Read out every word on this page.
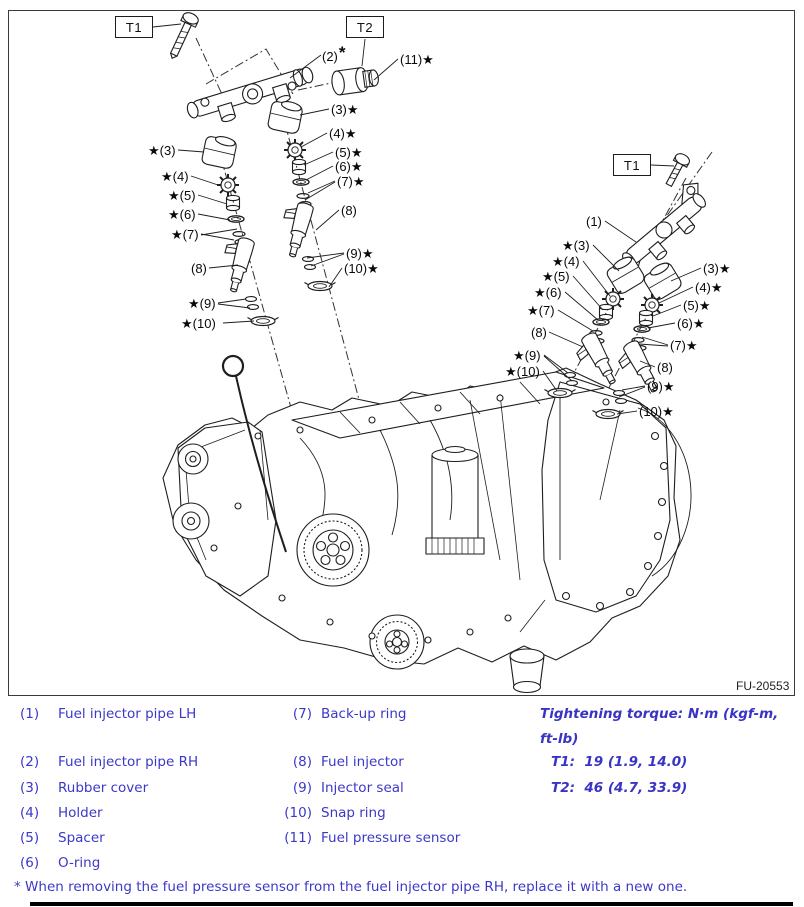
T1	T2
T1
(2)*	(11)★
(1)
★(3)
★(4)
★(5)
★(6)
★(7)
(8)
★(9)
★(10)
(3)★
(4)★
(5)★
(6)★
(7)★
(8)
(9)★
(10)★
★(3)
★(4)
★(5)
★(6)
★(7)
(8)
★(9)
★(10)
(3)★
(4)★
(5)★
(6)★
(7)★
(8)
(9)★
(10)★
FU-20553
(1) Fuel injector pipe LH
(2) Fuel injector pipe RH
(3) Rubber cover
(4) Holder
(5) Spacer
(6) O-ring
(7) Back-up ring
(8) Fuel injector
(9) Injector seal
(10) Snap ring
(11) Fuel pressure sensor
Tightening torque: N·m (kgf-m,
ft-lb)
T1:  19 (1.9, 14.0)
T2:  46 (4.7, 33.9)
* When removing the fuel pressure sensor from the fuel injector pipe RH, replace it with a new one.
